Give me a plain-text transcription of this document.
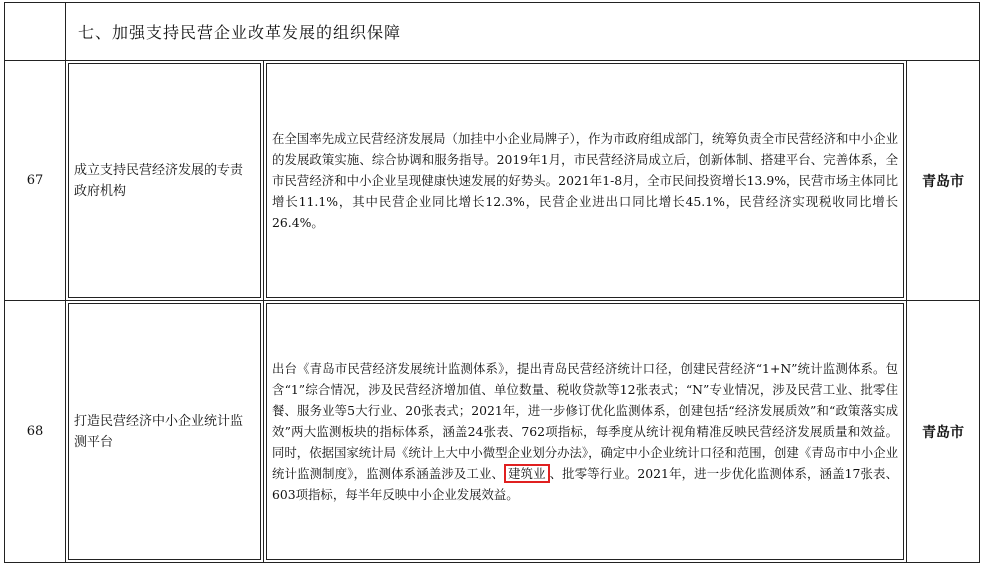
	七、加强支持民营企业改革发展的组织保障		
67	成立支持民营经济发展的专责政府机构	在全国率先成立民营经济发展局（加挂中小企业局牌子），作为市政府组成部门，统筹负责全市民营经济和中小企业的发展政策实施、综合协调和服务指导。2019年1月，市民营经济局成立后，创新体制、搭建平台、完善体系，全市民营经济和中小企业呈现健康快速发展的好势头。2021年1-8月，全市民间投资增长13.9%，民营市场主体同比增长11.1%，其中民营企业同比增长12.3%，民营企业进出口同比增长45.1%，民营经济实现税收同比增长26.4%。	青岛市
68	打造民营经济中小企业统计监测平台	出台《青岛市民营经济发展统计监测体系》，提出青岛民营经济统计口径，创建民营经济“1+N”统计监测体系。包含“1”综合情况，涉及民营经济增加值、单位数量、税收贷款等12张表式；“N”专业情况，涉及民营工业、批零住餐、服务业等5大行业、20张表式；2021年，进一步修订优化监测体系，创建包括“经济发展质效”和“政策落实成效”两大监测板块的指标体系，涵盖24张表、762项指标，每季度从统计视角精准反映民营经济发展质量和效益。同时，依据国家统计局《统计上大中小微型企业划分办法》，确定中小企业统计口径和范围，创建《青岛市中小企业统计监测制度》，监测体系涵盖涉及工业、 建筑业 、批零等行业。2021年，进一步优化监测体系，涵盖17张表、603项指标，每半年反映中小企业发展效益。	青岛市
